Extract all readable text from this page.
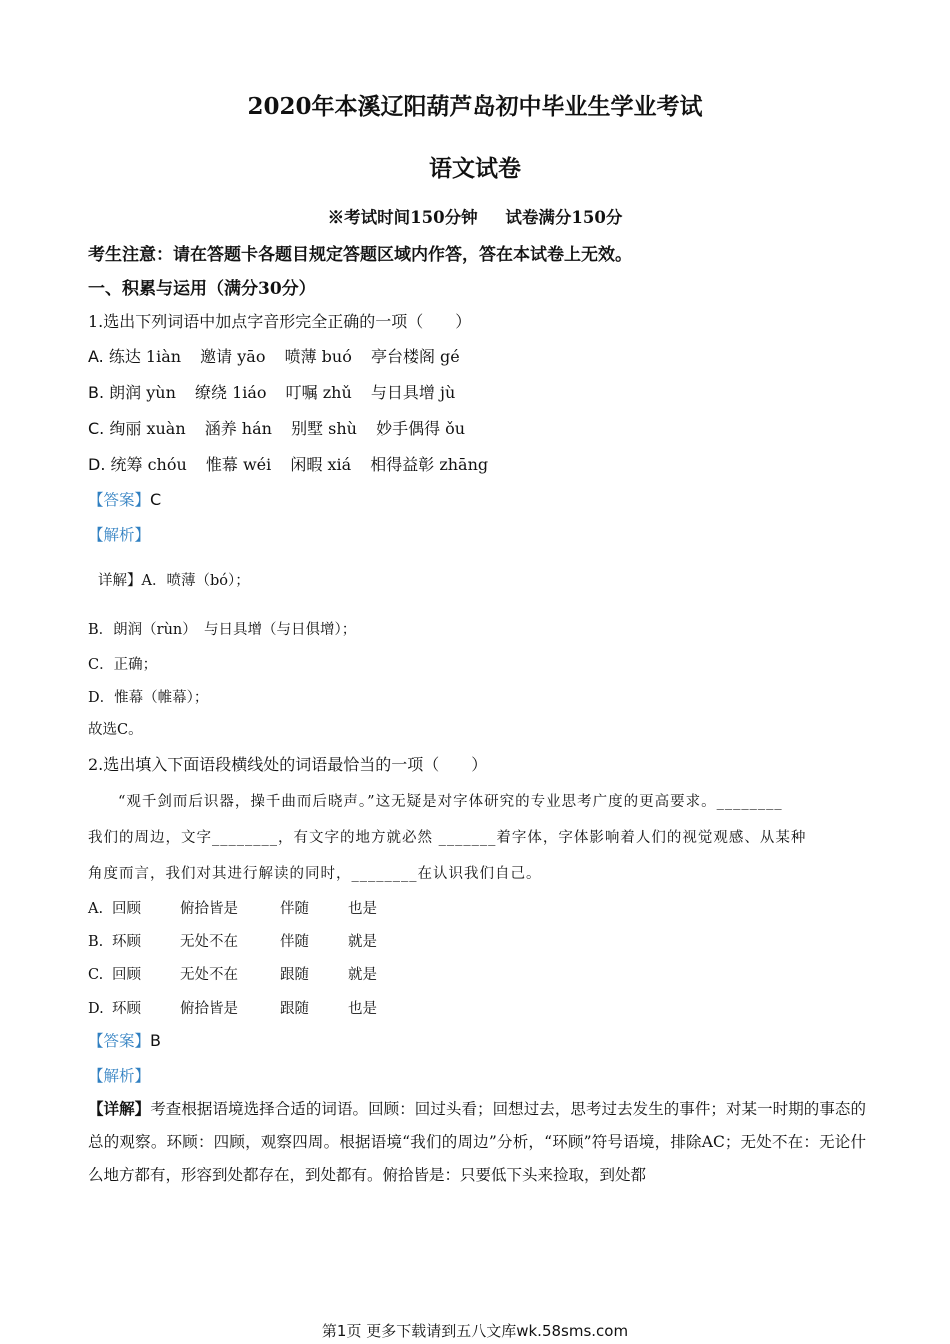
2020年本溪辽阳葫芦岛初中毕业生学业考试
语文试卷
※考试时间150分钟 试卷满分150分
考生注意：请在答题卡各题目规定答题区域内作答，答在本试卷上无效。
一、积累与运用（满分30分）
1.选出下列词语中加点字音形完全正确的一项（　　）
A. 练达 1iàn 邀请 yāo 喷薄 buó 亭台楼阁 gé
B. 朗润 yùn 缭绕 1iáo 叮嘱 zhǔ 与日具增 jù
C. 绚丽 xuàn 涵养 hán 别墅 shù 妙手偶得 ǒu
D. 统筹 chóu 惟幕 wéi 闲暇 xiá 相得益彰 zhāng
【答案】C
【解析】
详解】A．喷薄（bó）；
B．朗润（rùn）　与日具增（与日俱增）；
C．正确；
D．惟幕（帷幕）；
故选C。
2.选出填入下面语段横线处的词语最恰当的一项（　　）
“观千剑而后识器，操千曲而后晓声。”这无疑是对字体研究的专业思考广度的更高要求。________
我们的周边，文字________，有文字的地方就必然 _______着字体，字体影响着人们的视觉观感、从某种
角度而言，我们对其进行解读的同时，________在认识我们自己。
A. 回顾	俯拾皆是	伴随	也是
B. 环顾	无处不在	伴随	就是
C. 回顾	无处不在	跟随	就是
D. 环顾	俯拾皆是	跟随	也是
【答案】B
【解析】
【详解】考查根据语境选择合适的词语。回顾：回过头看；回想过去，思考过去发生的事件；对某一时期的事态的总的观察。环顾：四顾，观察四周。根据语境“我们的周边”分析，“环顾”符号语境，排除AC；无处不在：无论什么地方都有，形容到处都存在，到处都有。俯拾皆是：只要低下头来捡取，到处都
第1页 更多下载请到五八文库wk.58sms.com
